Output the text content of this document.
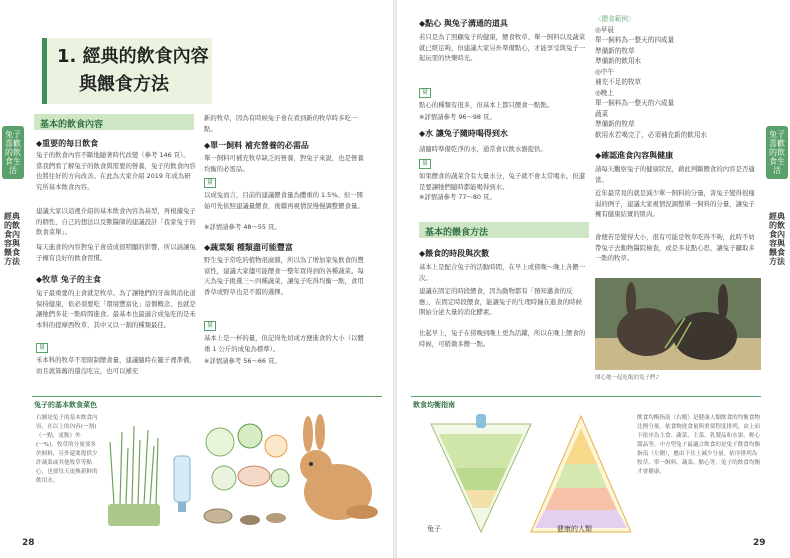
兔子喜歡的飲食生活
經典的飲食內容與餵食方法
1. 經典的飲食內容
與餵食方法
基本的飲食內容
◆重要的每日飲食
兔子的飲食內容不斷地隨著時代改變（參考 146 頁）。當我們看了解兔子的飲食與需要的營養，兔子的飲食內容也將往好的方向改善。在此為大家介紹 2019 年成為研究所基本飲食內容。
建議大家以這裡介紹的基本飲食內容為基型，再根據兔子的個性，自己的想法以及獸醫師的建議設計「我家兔子的飲食菜單」。
每天進食的內容對兔子會造成很明顯的影響，所以請讓兔子擁有良好的飲食習慣。
◆牧草 兔子的主食
兔子最重要的主食就是牧草。為了讓牠們的牙齒與消化道保持健康，依必須要吃「環境豐富化」這個概念，也就是讓牠們多花一點時間進食。最基本也最適合成兔吃的是禾本科的提摩西牧草，其中又以一割的種類最佳。
量
禾本科的牧草不需限制餵食量，建議隨時在籠子裡準備，而且就算舊的還沒吃完，也可以補充
新的牧草，因為有時候兔子會在看到新的牧草時多吃一點。
◆單一飼料 補充營養的必需品
單一飼料可補充牧草缺乏的營養，對兔子來說，也是營養均衡的必需品。
量
以成兔而言，目前的建議餵食量為體重的 1.5%。但一開始可先依照建議量餵食，後續再視情況慢慢調整餵食量。
※詳情請參考 48～55 頁。
◆蔬菜類 種類盡可能豐富
野生兔子常吃的植物很廣雜，所以為了增加家兔飲食的豐富性，建議大家儘可能餵食一整年買得到的各種蔬菜。每天為兔子挑選三～四種蔬菜，讓兔子吃得均衡一點，食用香草或野草也是不錯的選擇。
量
基本上是一杯的量，但記得先切成方便進食的大小（以體重 1 公斤的成兔為標準）。
※詳情請參考 56～66 頁。
兔子的基本飲食菜色
右圖是兔子的基本飲食內容，在以上的內容(一割)（一點，更點）外(一%)，牧草的分量要多於飼料，另外還要提供少許蔬菜或其他牧草等點心，也要每天更換新鮮的飲用水。
28
兔子喜歡的飲食生活
經典的飲食內容與餵食方法
◆點心 與兔子溝通的道具
若只是為了照顧兔子的健康，餵食牧草、單一飼料以及蔬菜就已經足夠，但建議大家另外準備點心，才能享受與兔子一起玩耍的快樂時光。
量
點心的種類有很多，但基本上都只餵食一點點。
※詳情請參考 96～98 頁。
◆水 讓兔子隨時喝得到水
請隨時準備乾淨的水，通常會以飲水器提供。
量
如果餵食的蔬菜含有大量水分，兔子就不會太常喝水，但還是要讓牠們隨時都能喝得到水。
※詳情請參考 77～80 頁。
基本的餵食方法
◆餵食的時段與次數
基本上是配合兔子的活動時間，在早上或傍晚～晚上各餵一次。
建議在固定的時段餵食，因為動物都有「預知邁食的反應」，在固定時段餵食，能讓兔子的生理時鐘在進食的時候開始分泌大量的消化酵素。
比起早上，兔子在傍晚到晚上更為活躍，所以在晚上餵食的時候，可稍微多餵一點。
〈餵食範例〉
◎早晨
單一飼料為一整天的四成量
準備新的牧草
準備新的飲用水
◎中午
補充不足的牧草
◎晚上
單一飼料為一整天的六成量
蔬菜
準備新的牧草
飲用水若喝完了，必須補充新的飲用水
◆確認進食內容與健康
請每天觀察兔子的健康狀況，藉此判斷餵食的內容是否適當。
近年最常見的就是減少單一飼料的分量，害兔子變得很瘦弱的例子，建議大家視情況調整單一飼料的分量，讓兔子擁有健康結實的肌肉。
會便若是變得大小，很有可能是牧草吃得不夠，此時不妨帶兔子去動物醫院檢查，或是多花點心思，讓兔子攝取多一點的牧草。
開心地一起吃飯的兔子們♪
飲食均衡指南
兔子	健康的人類
飲食均衡指南（右側）是健康人類飲食的均衡食物比例分量。依食物進食量與重要程度排列，由上而下依序為主食、蔬菜、主菜、乳製品和水果、輕心甜品等。中方型兔子最適合飲食的是兔子飲食均衡指南（左側），應由下往上減少分量。依序排列為牧草、單一飼料、蔬菜、點心等，兔子的飲食均衡才會健康。
29
